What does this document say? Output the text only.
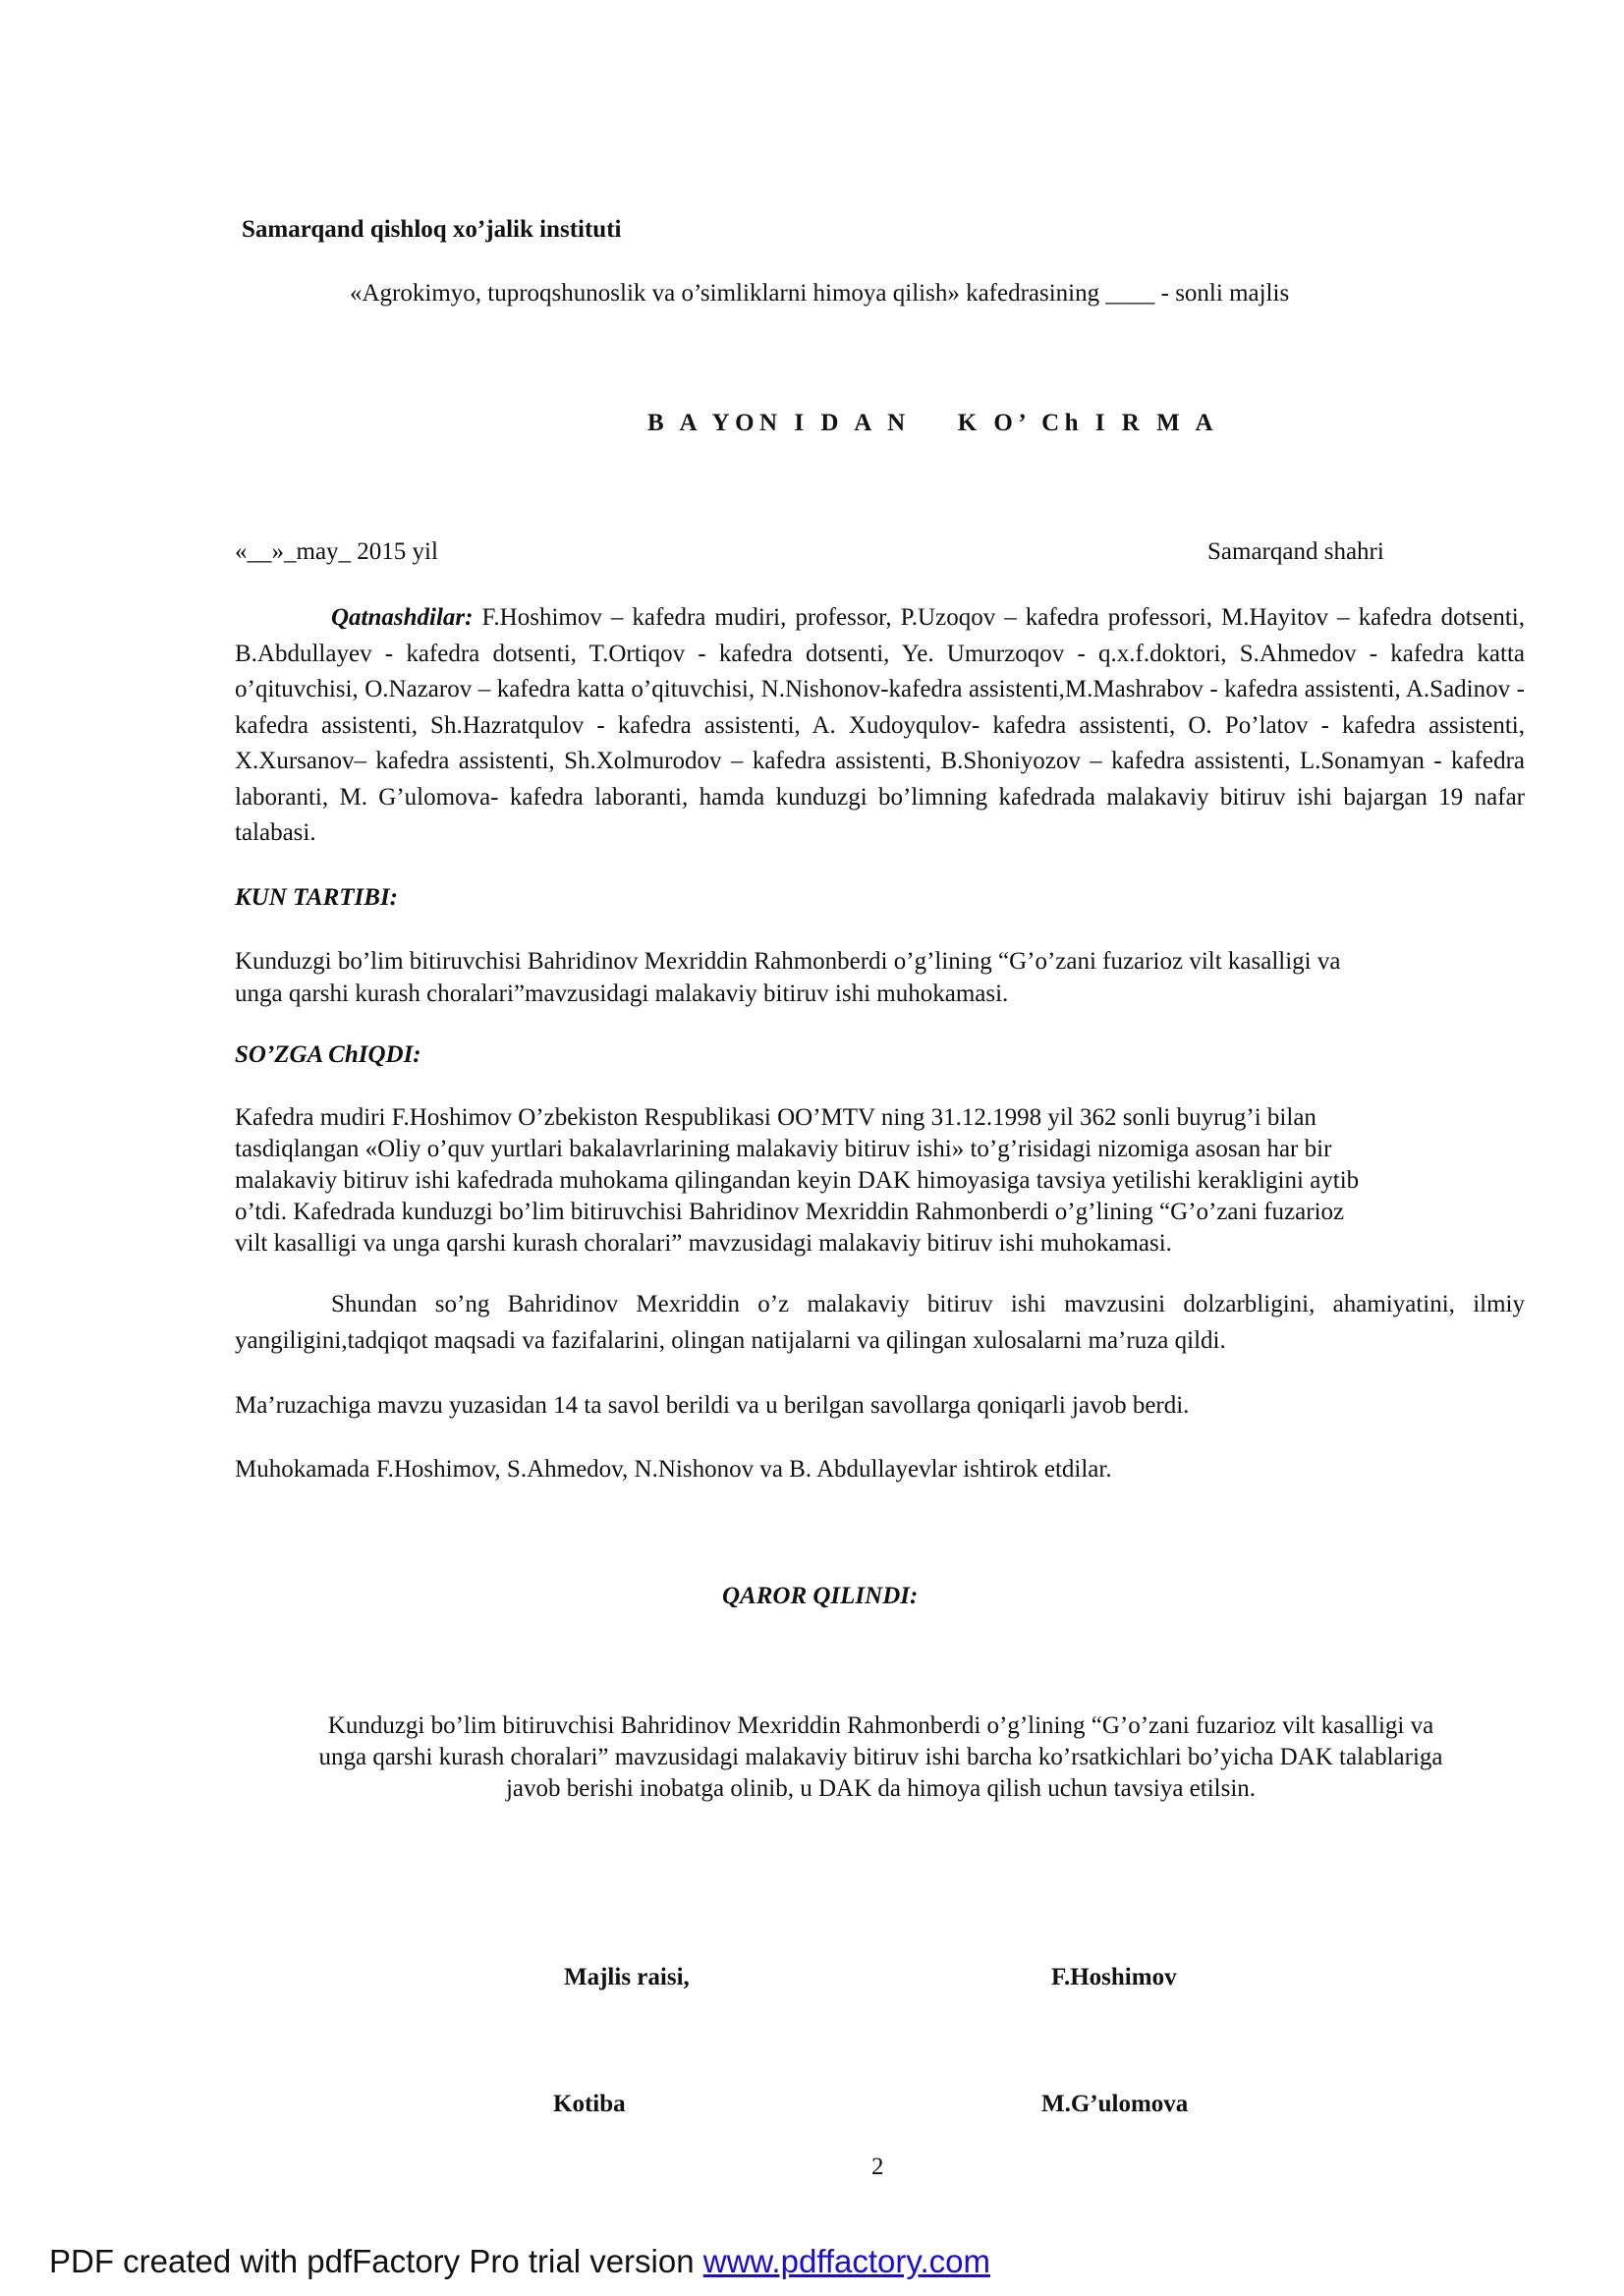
Samarqand qishloq xo’jalik instituti

«Agrokimyo, tuproqshunoslik va o’simliklarni himoya qilish» kafedrasining ____ - sonli majlis

B A YON I D A N K O’ Ch I R M A

«__»_may_ 2015 yil	Samarqand shahri

Qatnashdilar: F.Hoshimov – kafedra mudiri, professor, P.Uzoqov – kafedra professori, M.Hayitov – kafedra dotsenti, B.Abdullayev - kafedra dotsenti, T.Ortiqov - kafedra dotsenti, Ye. Umurzoqov - q.x.f.doktori, S.Ahmedov - kafedra katta o’qituvchisi, O.Nazarov – kafedra katta o’qituvchisi, N.Nishonov-kafedra assistenti,M.Mashrabov - kafedra assistenti, A.Sadinov - kafedra assistenti, Sh.Hazratqulov - kafedra assistenti, A. Xudoyqulov- kafedra assistenti, O. Po’latov - kafedra assistenti, X.Xursanov– kafedra assistenti, Sh.Xolmurodov – kafedra assistenti, B.Shoniyozov – kafedra assistenti, L.Sonamyan - kafedra laboranti, M. G’ulomova- kafedra laboranti, hamda kunduzgi bo’limning kafedrada malakaviy bitiruv ishi bajargan 19 nafar talabasi.

KUN TARTIBI:

Kunduzgi bo’lim bitiruvchisi Bahridinov Mexriddin Rahmonberdi o’g’lining “G’o’zani fuzarioz vilt kasalligi va

unga qarshi kurash choralari”mavzusidagi malakaviy bitiruv ishi muhokamasi.

SO’ZGA ChIQDI:

Kafedra mudiri F.Hoshimov O’zbekiston Respublikasi OO’MTV ning 31.12.1998 yil 362 sonli buyrug’i bilan
tasdiqlangan «Oliy o’quv yurtlari bakalavrlarining malakaviy bitiruv ishi» to’g’risidagi nizomiga asosan har bir
malakaviy bitiruv ishi kafedrada muhokama qilingandan keyin DAK himoyasiga tavsiya yetilishi kerakligini aytib
o’tdi. Kafedrada kunduzgi bo’lim bitiruvchisi Bahridinov Mexriddin Rahmonberdi o’g’lining “G’o’zani fuzarioz
vilt kasalligi va unga qarshi kurash choralari” mavzusidagi malakaviy bitiruv ishi muhokamasi.

Shundan so’ng Bahridinov Mexriddin o’z malakaviy bitiruv ishi mavzusini dolzarbligini, ahamiyatini, ilmiy yangiligini,tadqiqot maqsadi va fazifalarini, olingan natijalarni va qilingan xulosalarni ma’ruza qildi.

Ma’ruzachiga mavzu yuzasidan 14 ta savol berildi va u berilgan savollarga qoniqarli javob berdi.

Muhokamada F.Hoshimov, S.Ahmedov, N.Nishonov va B. Abdullayevlar ishtirok etdilar.

QAROR QILINDI:

Kunduzgi bo’lim bitiruvchisi Bahridinov Mexriddin Rahmonberdi o’g’lining “G’o’zani fuzarioz vilt kasalligi va
unga qarshi kurash choralari” mavzusidagi malakaviy bitiruv ishi barcha ko’rsatkichlari bo’yicha DAK talablariga
javob berishi inobatga olinib, u DAK da himoya qilish uchun tavsiya etilsin.

Majlis raisi,	F.Hoshimov

Kotiba	M.G’ulomova

2

PDF created with pdfFactory Pro trial version www.pdffactory.com
